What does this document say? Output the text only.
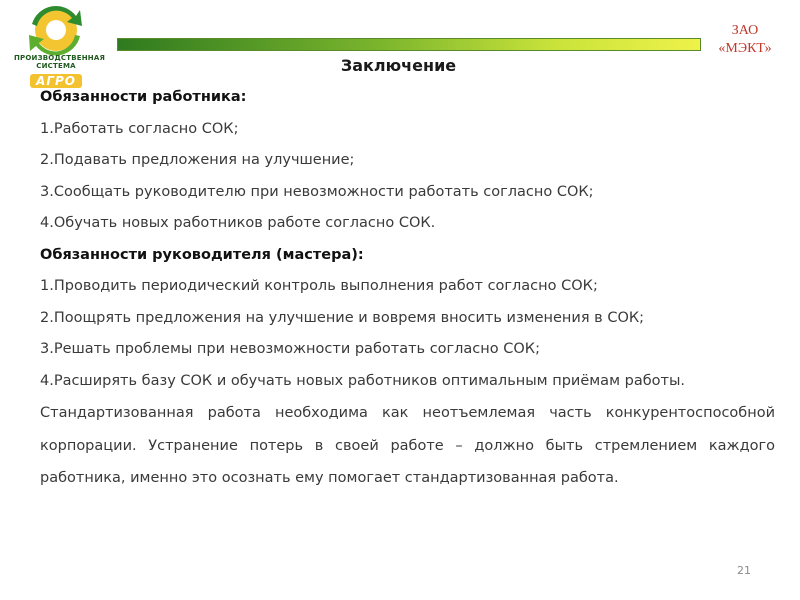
ПРОИЗВОДСТВЕННАЯ
СИСТЕМА
АГРО
ЗАО
«МЭКТ»
Заключение
Обязанности работника:
1.Работать согласно СОК;
2.Подавать предложения на улучшение;
3.Сообщать руководителю при невозможности работать согласно СОК;
4.Обучать новых работников работе согласно СОК.
Обязанности руководителя (мастера):
1.Проводить периодический контроль выполнения работ согласно СОК;
2.Поощрять предложения на улучшение и вовремя вносить изменения в СОК;
3.Решать проблемы при невозможности работать согласно СОК;
4.Расширять базу СОК и обучать новых работников оптимальным приёмам работы.
Стандартизованная работа необходима как неотъемлемая часть конкурентоспособной корпорации. Устранение потерь в своей работе – должно быть стремлением каждого работника, именно это осознать ему помогает стандартизованная работа.
21
